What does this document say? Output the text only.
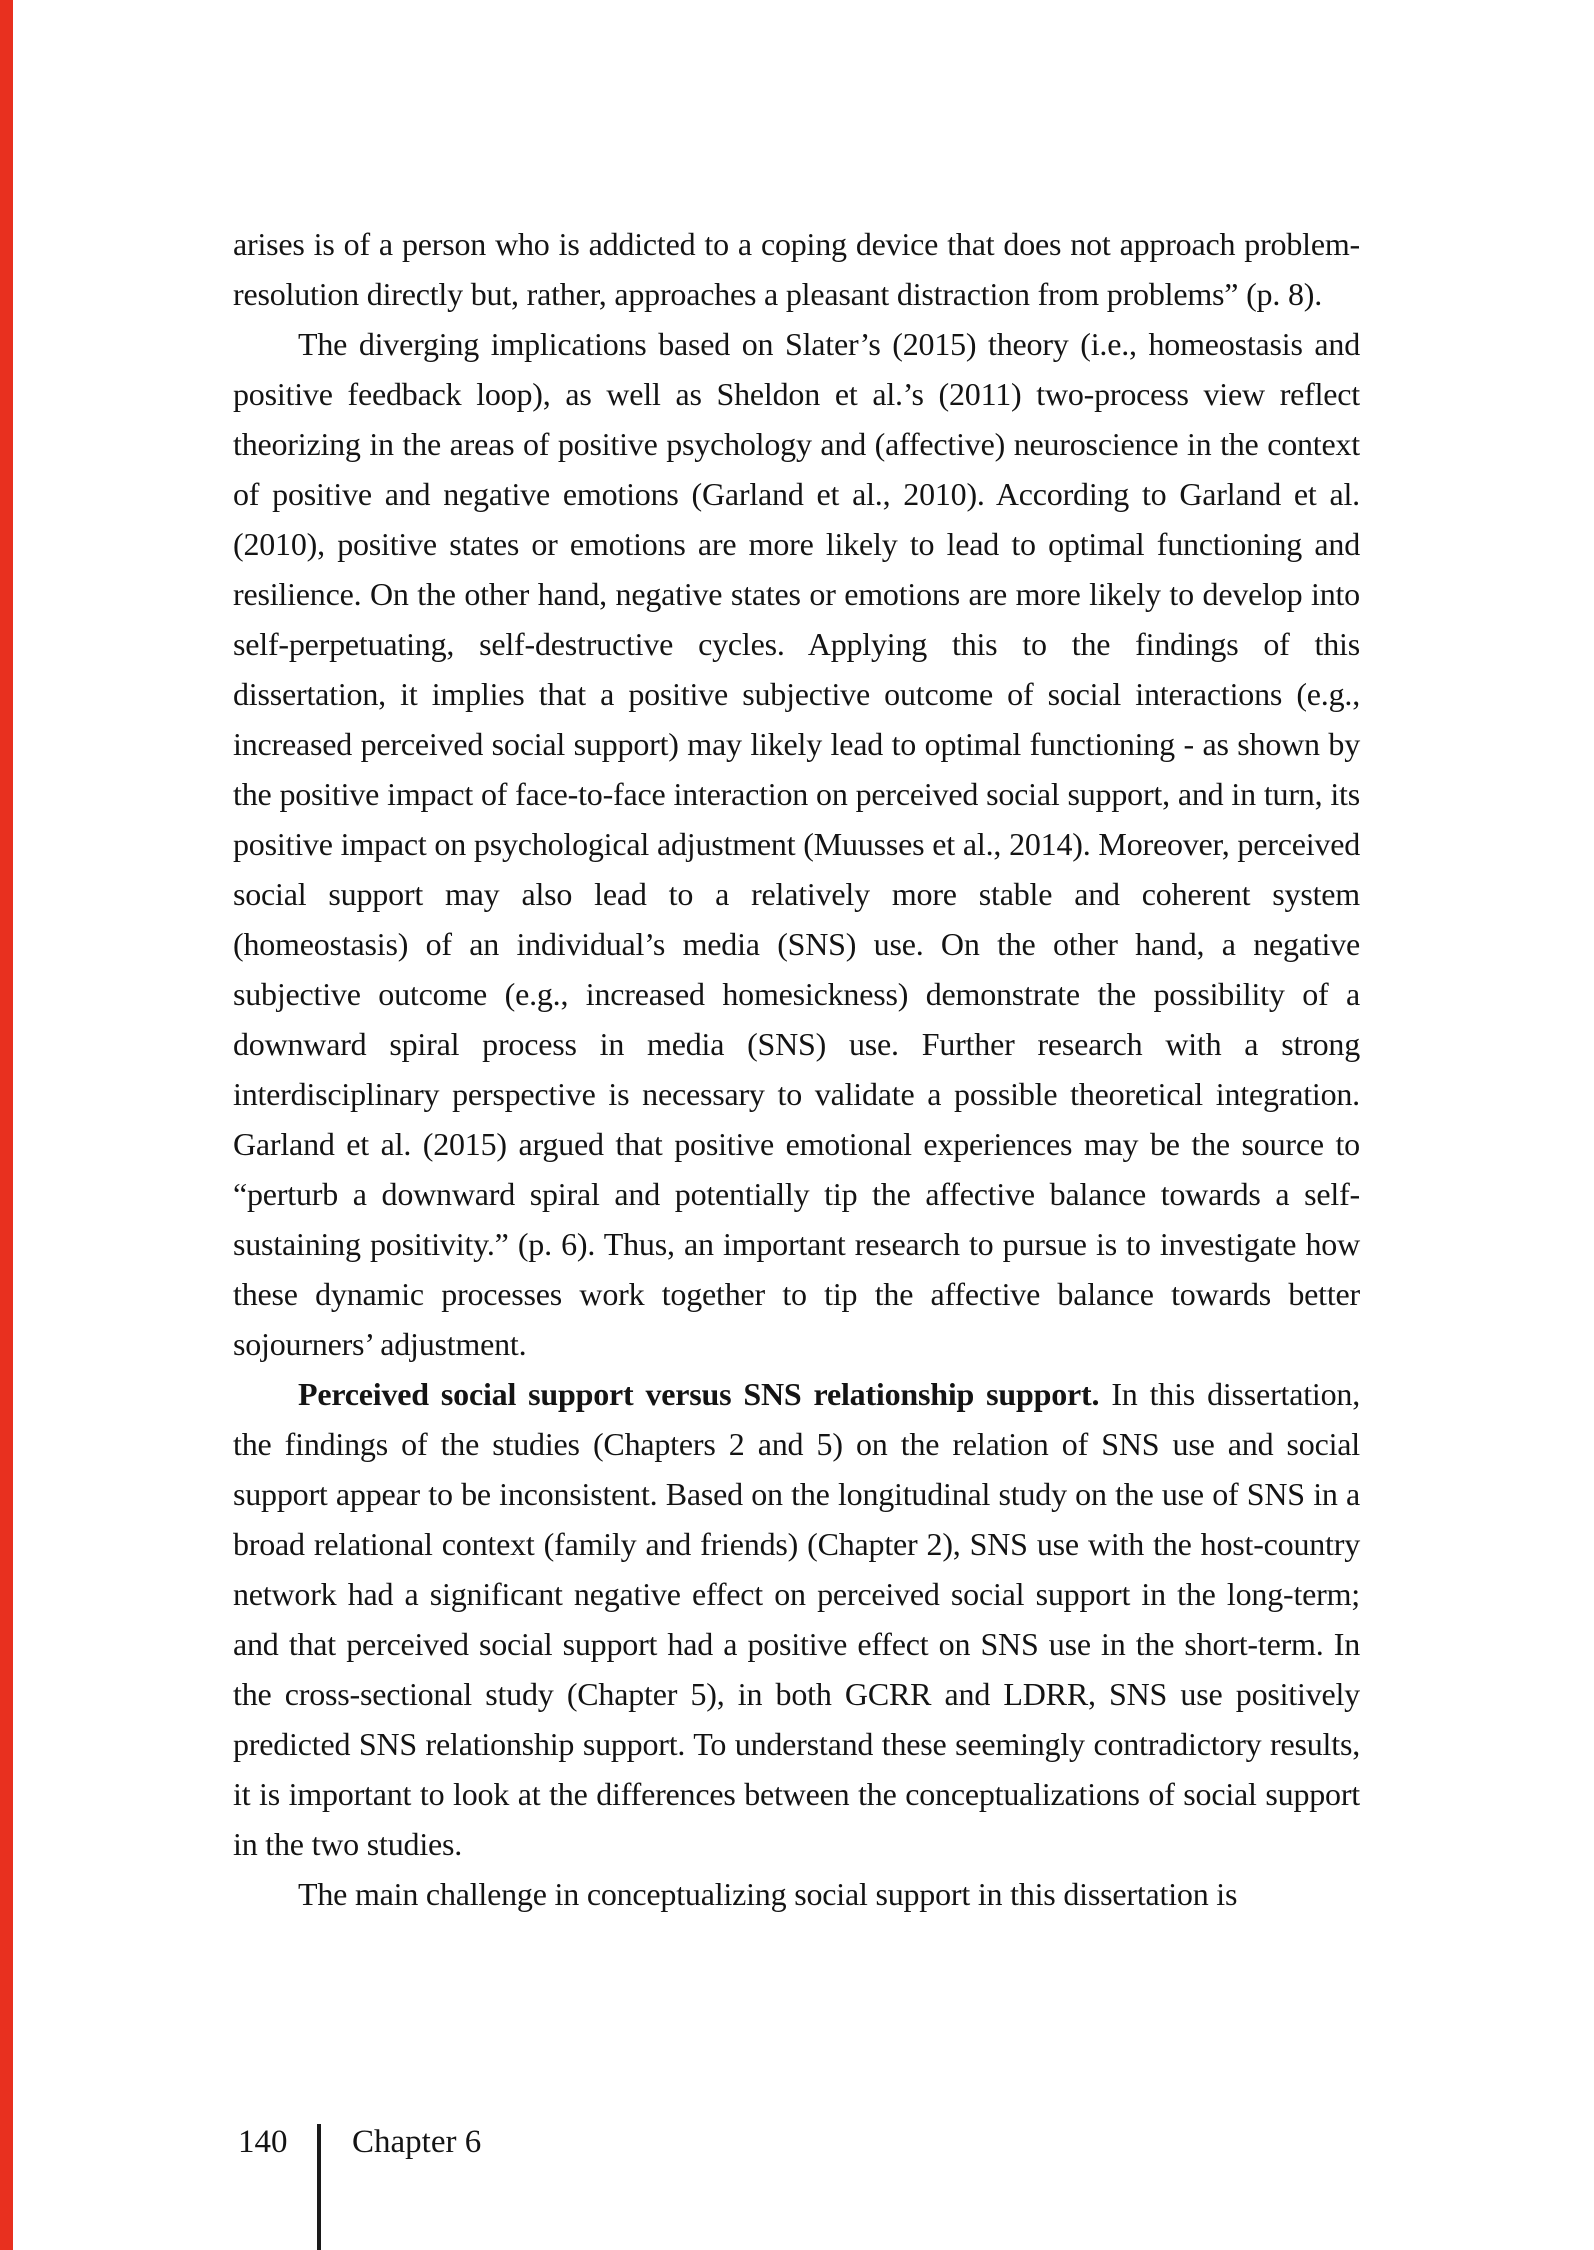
arises is of a person who is addicted to a coping device that does not approach problem-resolution directly but, rather, approaches a pleasant distraction from problems” (p. 8).

The diverging implications based on Slater’s (2015) theory (i.e., homeostasis and positive feedback loop), as well as Sheldon et al.’s (2011) two-process view reflect theorizing in the areas of positive psychology and (affective) neuroscience in the context of positive and negative emotions (Garland et al., 2010). According to Garland et al. (2010), positive states or emotions are more likely to lead to optimal functioning and resilience. On the other hand, negative states or emotions are more likely to develop into self-perpetuating, self-destructive cycles. Applying this to the findings of this dissertation, it implies that a positive subjective outcome of social interactions (e.g., increased perceived social support) may likely lead to optimal functioning - as shown by the positive impact of face-to-face interaction on perceived social support, and in turn, its positive impact on psychological adjustment (Muusses et al., 2014). Moreover, perceived social support may also lead to a relatively more stable and coherent system (homeostasis) of an individual’s media (SNS) use. On the other hand, a negative subjective outcome (e.g., increased homesickness) demonstrate the possibility of a downward spiral process in media (SNS) use. Further research with a strong interdisciplinary perspective is necessary to validate a possible theoretical integration. Garland et al. (2015) argued that positive emotional experiences may be the source to “perturb a downward spiral and potentially tip the affective balance towards a self-sustaining positivity.” (p. 6). Thus, an important research to pursue is to investigate how these dynamic processes work together to tip the affective balance towards better sojourners’ adjustment.

Perceived social support versus SNS relationship support. In this dissertation, the findings of the studies (Chapters 2 and 5) on the relation of SNS use and social support appear to be inconsistent. Based on the longitudinal study on the use of SNS in a broad relational context (family and friends) (Chapter 2), SNS use with the host-country network had a significant negative effect on perceived social support in the long-term; and that perceived social support had a positive effect on SNS use in the short-term. In the cross-sectional study (Chapter 5), in both GCRR and LDRR, SNS use positively predicted SNS relationship support. To understand these seemingly contradictory results, it is important to look at the differences between the conceptualizations of social support in the two studies.

The main challenge in conceptualizing social support in this dissertation is

140 Chapter 6
